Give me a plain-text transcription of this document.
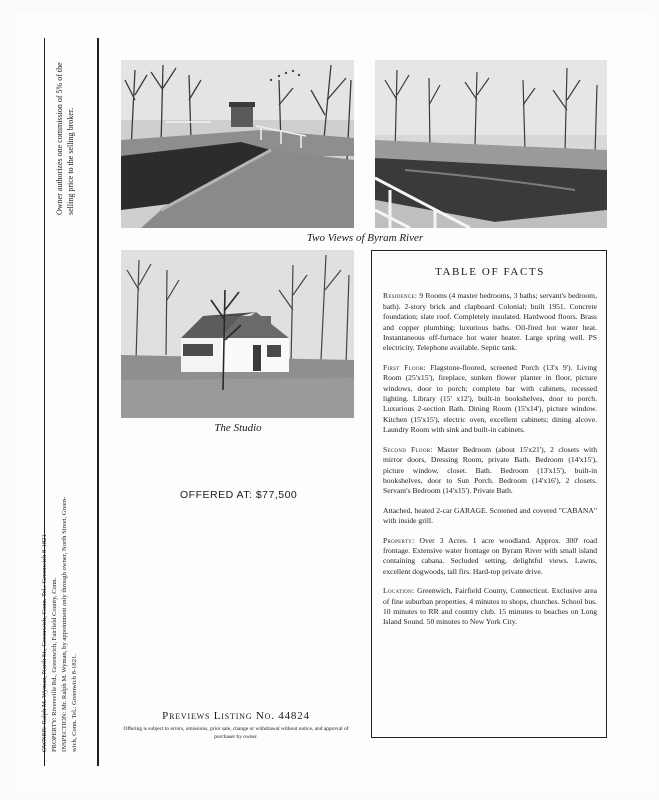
Owner authorizes one commission of 5% of the selling price to the selling broker.
OWNER: Ralph M. Wyman, North St., Greenwich, Conn. Tel.: Greenwich 8-1821 PROPERTY: Riversville Rd., Greenwich, Fairfield County, Conn. INSPECTION: Mr. Ralph M. Wyman, by appointment only through owner, North Street, Green- wich, Conn. Tel.: Greenwich 8-1821.
Two Views of Byram River
The Studio
OFFERED AT: $77,500
Previews Listing No. 44824
Offering is subject to errors, omissions, prior sale, change or withdrawal without notice, and approval of purchaser by owner.
TABLE OF FACTS

Residence: 9 Rooms (4 master bedrooms, 3 baths; servant's bedroom, bath). 2-story brick and clapboard Colonial; built 1951. Concrete foundation; slate roof. Completely insulated. Hardwood floors. Brass and copper plumbing; luxurious baths. Oil-fired hot water heat. Instantaneous off-furnace hot water heater. Large spring well. PS electricity. Telephone available. Septic tank.

First Floor: Flagstone-floored, screened Porch (13'x 9'). Living Room (25'x15'), fireplace, sunken flower planter in floor, picture windows, door to porch; complete bar with cabinets, recessed lighting. Library (15' x12'), built-in bookshelves, door to porch. Luxurious 2-section Bath. Dining Room (15'x14'), picture window. Kitchen (15'x15'), electric oven, excellent cabinets; dining alcove. Laundry Room with sink and built-in cabinets.

Second Floor: Master Bedroom (about 15'x21'), 2 closets with mirror doors, Dressing Room, private Bath. Bedroom (14'x15'), picture window, closet. Bath. Bedroom (13'x15'), built-in bookshelves, door to Sun Porch. Bedroom (14'x16'), 2 closets. Servant's Bedroom (14'x15'). Private Bath.

Attached, heated 2-car GARAGE. Screened and covered "CABANA" with inside grill.

Property: Over 3 Acres. 1 acre woodland. Approx. 300' road frontage. Extensive water frontage on Byram River with small island containing cabana. Secluded setting, delightful views. Lawns, excellent dogwoods, tall firs. Hard-top private drive.

Location: Greenwich, Fairfield County, Connecticut. Exclusive area of fine suburban properties. 4 minutes to shops, churches. School bus. 10 minutes to RR and country club. 15 minutes to beaches on Long Island Sound. 50 minutes to New York City.
